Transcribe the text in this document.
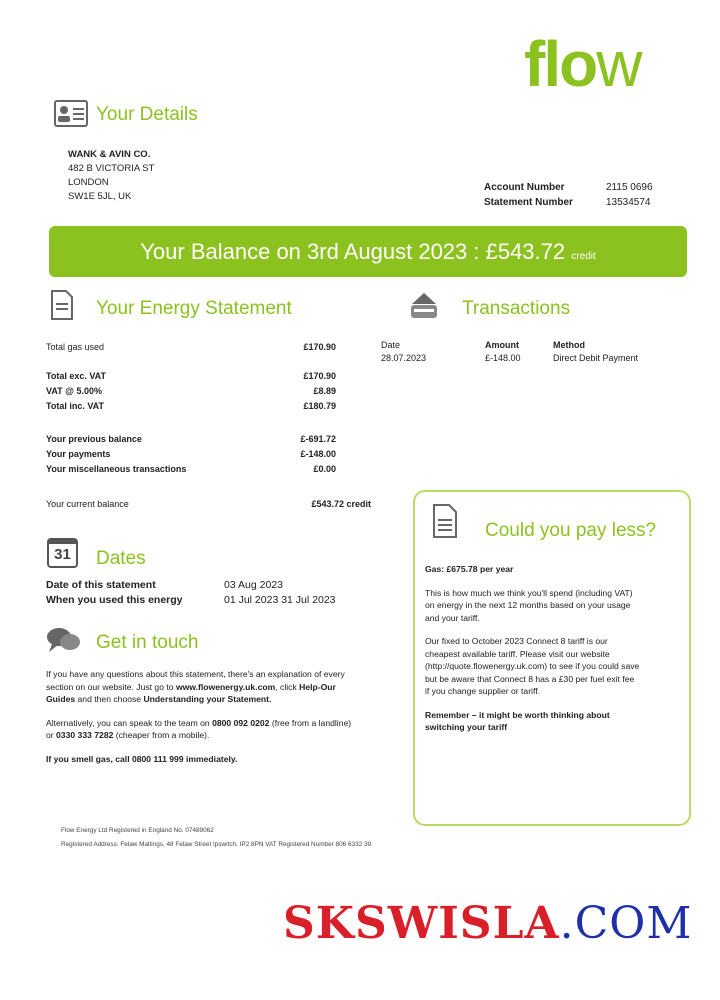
flow
Your Details
WANK & AVIN CO.
482 B VICTORIA ST
LONDON
SW1E 5JL, UK
Account Number	2115 0696
Statement Number	13534574
Your Balance on 3rd August 2023 : £543.72 credit
Your Energy Statement
Total gas used	£170.90
Total exc. VAT	£170.90
VAT @ 5.00%	£8.89
Total inc. VAT	£180.79
Your previous balance	£-691.72
Your payments	£-148.00
Your miscellaneous transactions	£0.00
Your current balance	£543.72 credit
Transactions
Date	Amount	Method
28.07.2023	£-148.00	Direct Debit Payment
31	Dates
Date of this statement	03 Aug 2023
When you used this energy	01 Jul 2023 31 Jul 2023
Get in touch

If you have any questions about this statement, there's an explanation of every section on our website. Just go to www.flowenergy.uk.com, click Help-Our Guides and then choose Understanding your Statement.

Alternatively, you can speak to the team on 0800 092 0202 (free from a landline) or 0330 333 7282 (cheaper from a mobile).

If you smell gas, call 0800 111 999 immediately.

Flow Energy Ltd Registered in England No. 07489062
Registered Address: Felaw Maltings, 48 Felaw Street Ipswitch, IP2 8PN VAT Registered Number 806 6332 39.
Could you pay less?

Gas: £675.78 per year

This is how much we think you'll spend (including VAT) on energy in the next 12 months based on your usage and your tariff.

Our fixed to October 2023 Connect 8 tariff is our cheapest available tariff. Please visit our website (http://quote.flowenergy.uk.com) to see if you could save but be aware that Connect 8 has a £30 per fuel exit fee if you change supplier or tariff.

Remember – it might be worth thinking about switching your tariff

SKSWISLA.COM
